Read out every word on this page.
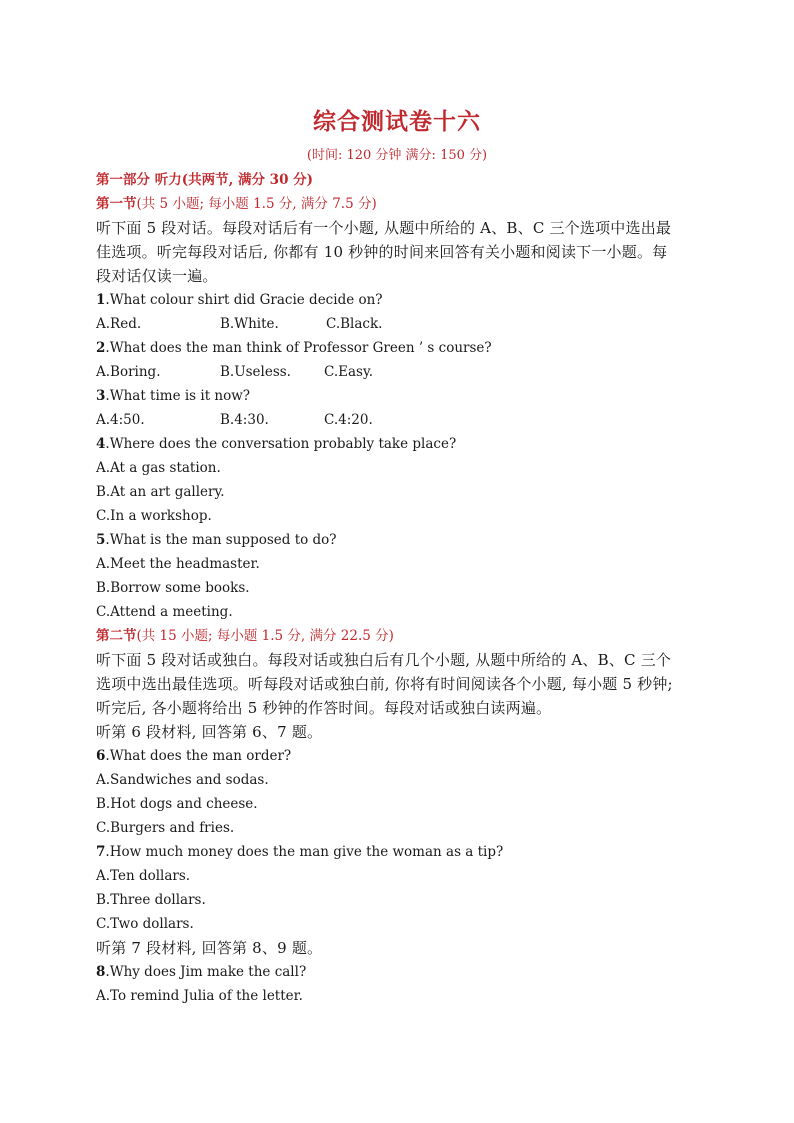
综合测试卷十六
(时间: 120 分钟 满分: 150 分)
第一部分 听力(共两节, 满分 30 分)
第一节(共 5 小题; 每小题 1.5 分, 满分 7.5 分)
听下面 5 段对话。每段对话后有一个小题, 从题中所给的 A、B、C 三个选项中选出最
佳选项。听完每段对话后, 你都有 10 秒钟的时间来回答有关小题和阅读下一小题。每
段对话仅读一遍。
1.What colour shirt did Gracie decide on?
A.Red.	B.White.	C.Black.
2.What does the man think of Professor Green ’ s course?
A.Boring.	B.Useless.	C.Easy.
3.What time is it now?
A.4:50.	B.4:30.	C.4:20.
4.Where does the conversation probably take place?
A.At a gas station.
B.At an art gallery.
C.In a workshop.
5.What is the man supposed to do?
A.Meet the headmaster.
B.Borrow some books.
C.Attend a meeting.
第二节(共 15 小题; 每小题 1.5 分, 满分 22.5 分)
听下面 5 段对话或独白。每段对话或独白后有几个小题, 从题中所给的 A、B、C 三个
选项中选出最佳选项。听每段对话或独白前, 你将有时间阅读各个小题, 每小题 5 秒钟;
听完后, 各小题将给出 5 秒钟的作答时间。每段对话或独白读两遍。
听第 6 段材料, 回答第 6、7 题。
6.What does the man order?
A.Sandwiches and sodas.
B.Hot dogs and cheese.
C.Burgers and fries.
7.How much money does the man give the woman as a tip?
A.Ten dollars.
B.Three dollars.
C.Two dollars.
听第 7 段材料, 回答第 8、9 题。
8.Why does Jim make the call?
A.To remind Julia of the letter.
